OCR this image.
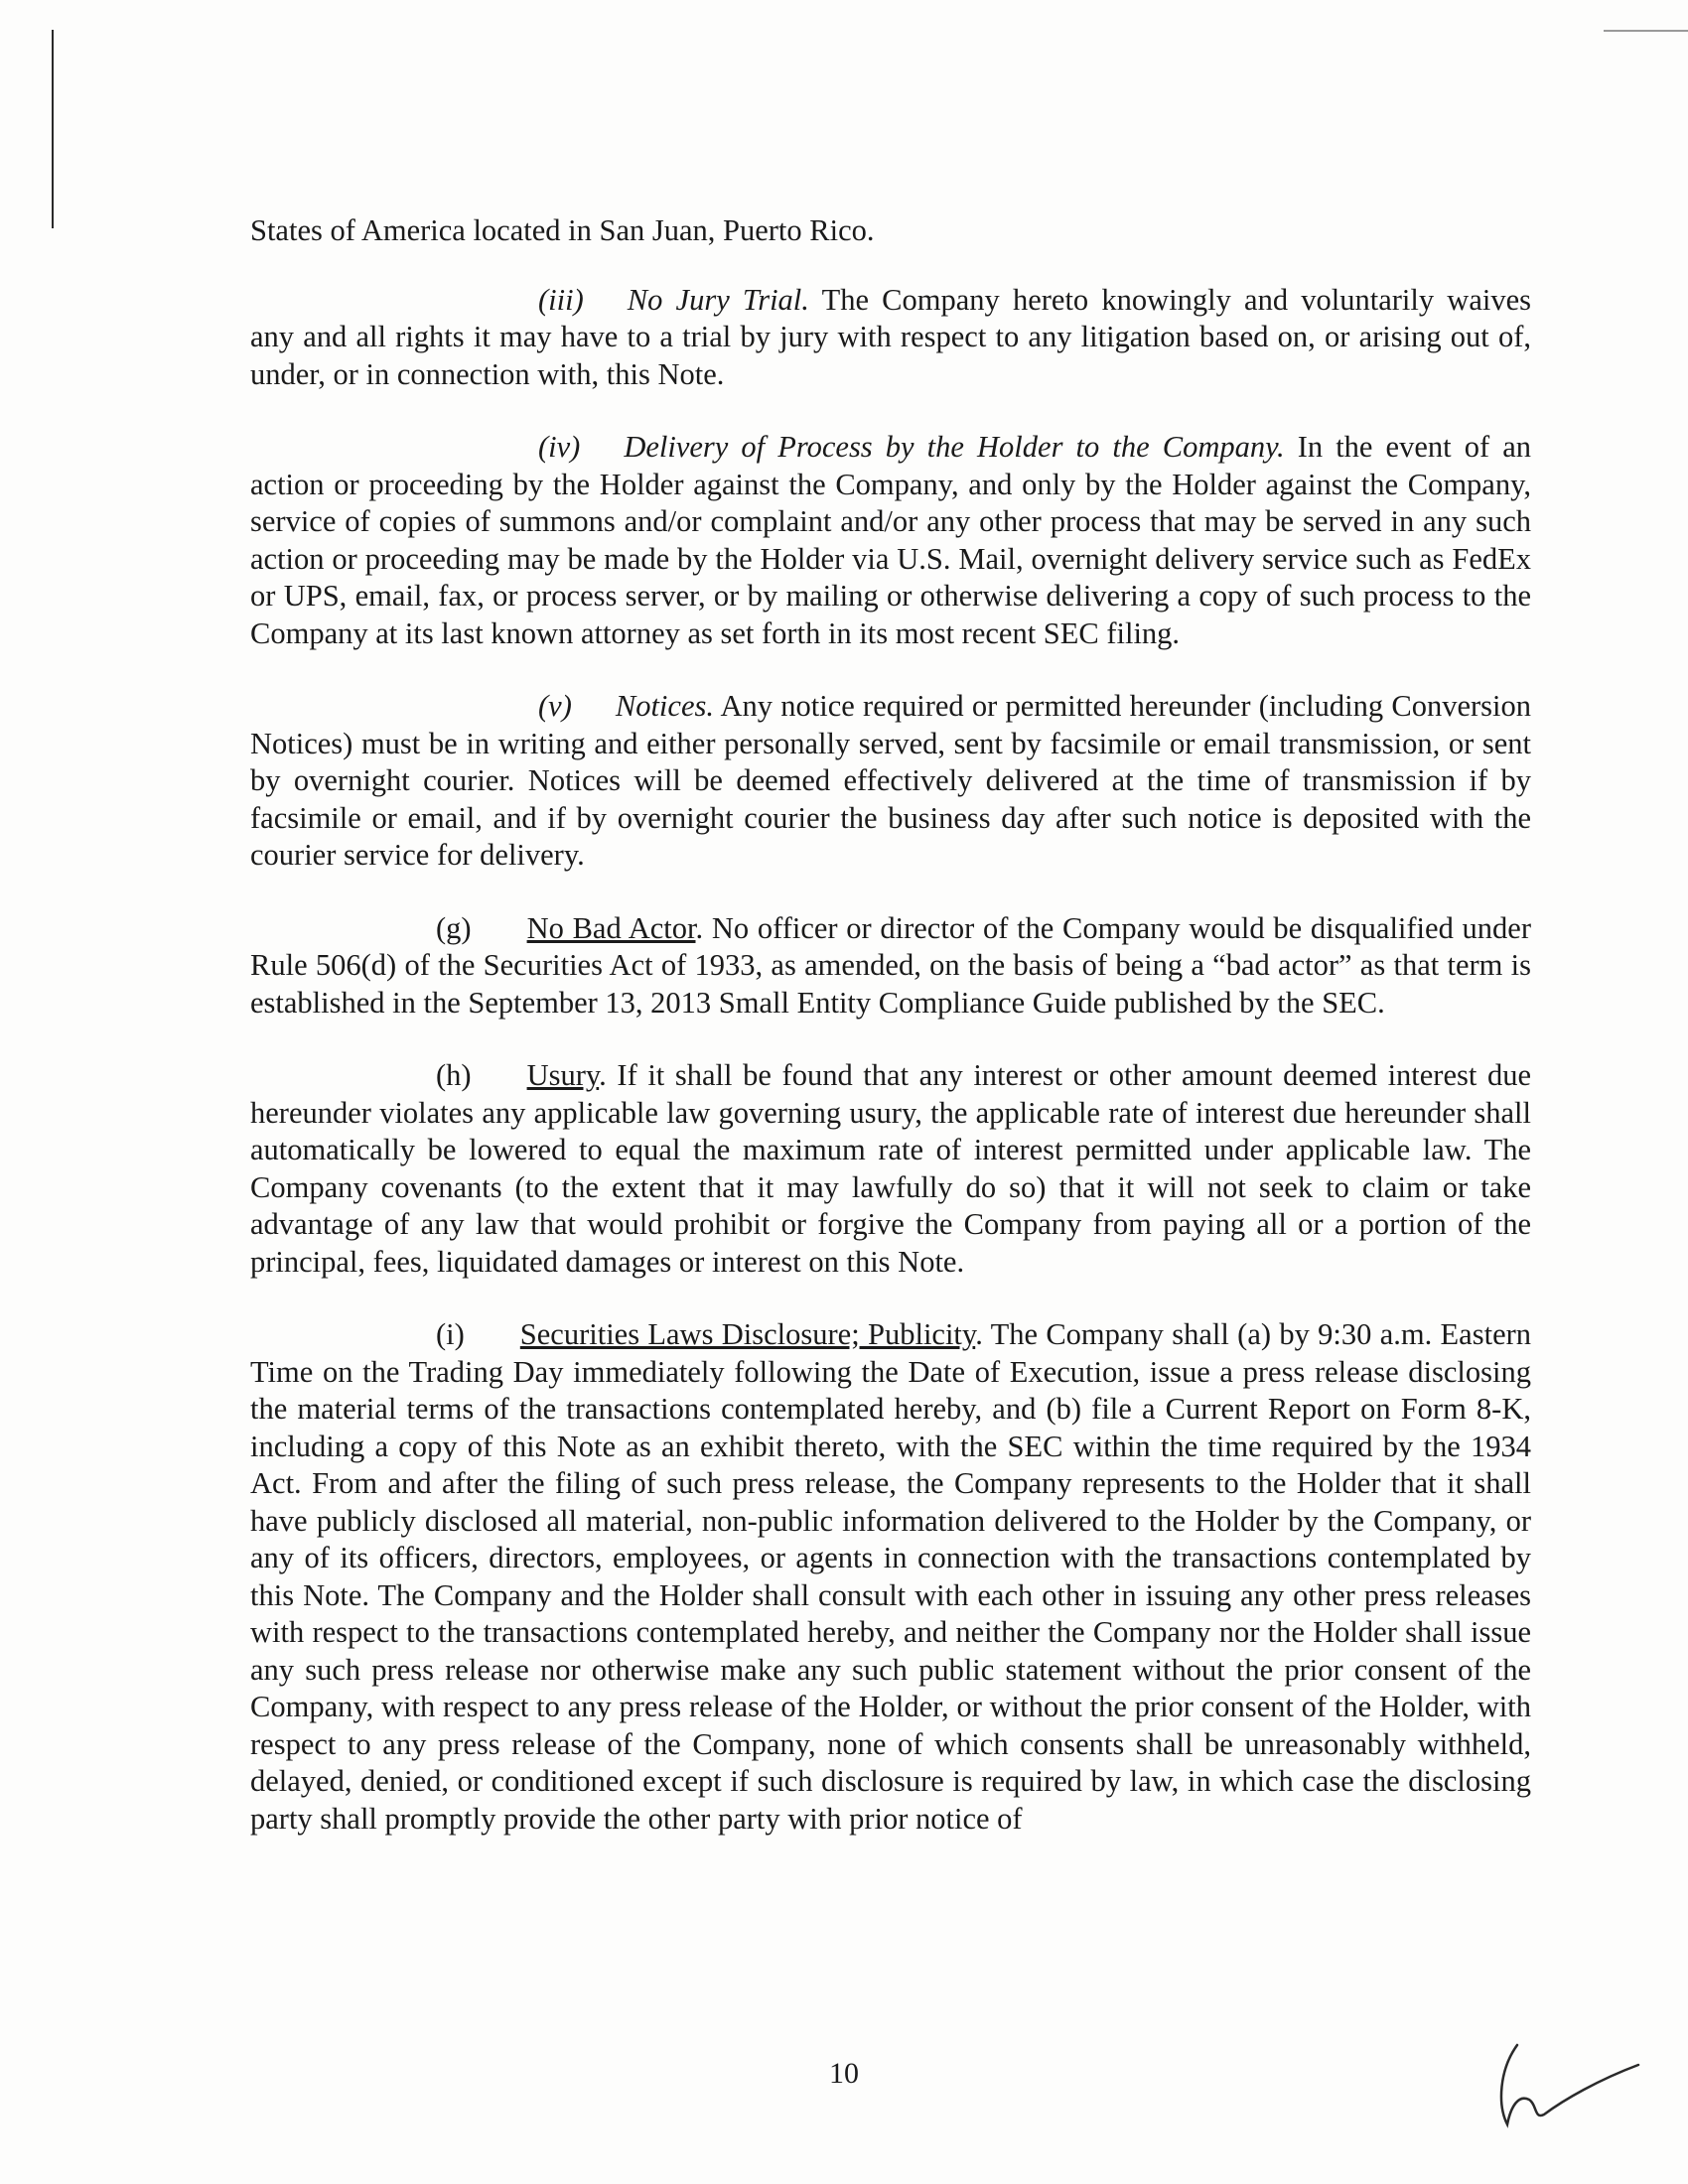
States of America located in San Juan, Puerto Rico.

(iii) No Jury Trial. The Company hereto knowingly and voluntarily waives any and all rights it may have to a trial by jury with respect to any litigation based on, or arising out of, under, or in connection with, this Note.

(iv) Delivery of Process by the Holder to the Company. In the event of an action or proceeding by the Holder against the Company, and only by the Holder against the Company, service of copies of summons and/or complaint and/or any other process that may be served in any such action or proceeding may be made by the Holder via U.S. Mail, overnight delivery service such as FedEx or UPS, email, fax, or process server, or by mailing or otherwise delivering a copy of such process to the Company at its last known attorney as set forth in its most recent SEC filing.

(v) Notices. Any notice required or permitted hereunder (including Conversion Notices) must be in writing and either personally served, sent by facsimile or email transmission, or sent by overnight courier. Notices will be deemed effectively delivered at the time of transmission if by facsimile or email, and if by overnight courier the business day after such notice is deposited with the courier service for delivery.

(g) No Bad Actor. No officer or director of the Company would be disqualified under Rule 506(d) of the Securities Act of 1933, as amended, on the basis of being a “bad actor” as that term is established in the September 13, 2013 Small Entity Compliance Guide published by the SEC.

(h) Usury. If it shall be found that any interest or other amount deemed interest due hereunder violates any applicable law governing usury, the applicable rate of interest due hereunder shall automatically be lowered to equal the maximum rate of interest permitted under applicable law. The Company covenants (to the extent that it may lawfully do so) that it will not seek to claim or take advantage of any law that would prohibit or forgive the Company from paying all or a portion of the principal, fees, liquidated damages or interest on this Note.

(i) Securities Laws Disclosure; Publicity. The Company shall (a) by 9:30 a.m. Eastern Time on the Trading Day immediately following the Date of Execution, issue a press release disclosing the material terms of the transactions contemplated hereby, and (b) file a Current Report on Form 8-K, including a copy of this Note as an exhibit thereto, with the SEC within the time required by the 1934 Act. From and after the filing of such press release, the Company represents to the Holder that it shall have publicly disclosed all material, non-public information delivered to the Holder by the Company, or any of its officers, directors, employees, or agents in connection with the transactions contemplated by this Note. The Company and the Holder shall consult with each other in issuing any other press releases with respect to the transactions contemplated hereby, and neither the Company nor the Holder shall issue any such press release nor otherwise make any such public statement without the prior consent of the Company, with respect to any press release of the Holder, or without the prior consent of the Holder, with respect to any press release of the Company, none of which consents shall be unreasonably withheld, delayed, denied, or conditioned except if such disclosure is required by law, in which case the disclosing party shall promptly provide the other party with prior notice of

10
